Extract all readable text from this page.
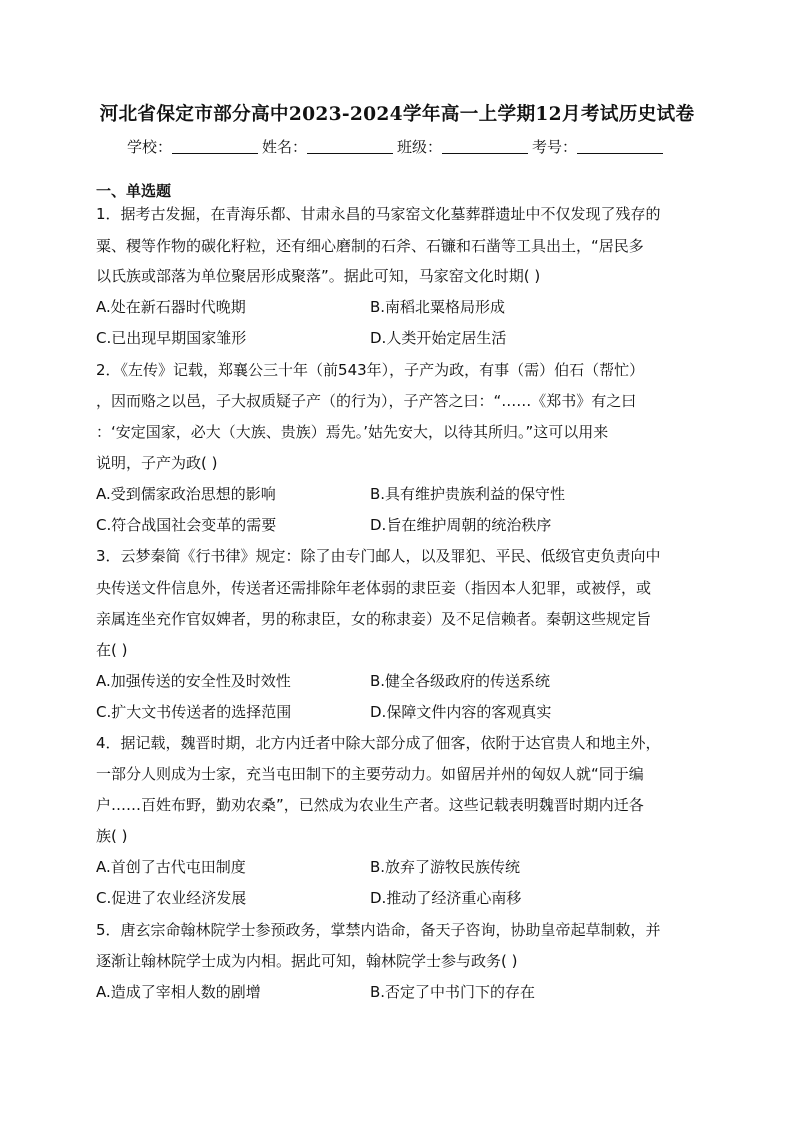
河北省保定市部分高中2023-2024学年高一上学期12月考试历史试卷
学校：	姓名：	班级：	考号：
一、单选题
1．据考古发掘，在青海乐都、甘肃永昌的马家窑文化墓葬群遗址中不仅发现了残存的
粟、稷等作物的碳化籽粒，还有细心磨制的石斧、石镰和石凿等工具出土，“居民多
以氏族或部落为单位聚居形成聚落”。据此可知，马家窑文化时期( )
A.处在新石器时代晚期	B.南稻北粟格局形成
C.已出现早期国家雏形	D.人类开始定居生活
2．《左传》记载，郑襄公三十年（前543年），子产为政，有事（需）伯石（帮忙）
，因而赂之以邑，子大叔质疑子产（的行为），子产答之曰：“……《郑书》有之曰
：‘安定国家，必大（大族、贵族）焉先。’姑先安大，以待其所归。”这可以用来
说明，子产为政( )
A.受到儒家政治思想的影响	B.具有维护贵族利益的保守性
C.符合战国社会变革的需要	D.旨在维护周朝的统治秩序
3．云梦秦简《行书律》规定：除了由专门邮人，以及罪犯、平民、低级官吏负责向中
央传送文件信息外，传送者还需排除年老体弱的隶臣妾（指因本人犯罪，或被俘，或
亲属连坐充作官奴婢者，男的称隶臣，女的称隶妾）及不足信赖者。秦朝这些规定旨
在( )
A.加强传送的安全性及时效性	B.健全各级政府的传送系统
C.扩大文书传送者的选择范围	D.保障文件内容的客观真实
4．据记载，魏晋时期，北方内迁者中除大部分成了佃客，依附于达官贵人和地主外，
一部分人则成为士家，充当屯田制下的主要劳动力。如留居并州的匈奴人就“同于编
户……百姓布野，勤劝农桑”，已然成为农业生产者。这些记载表明魏晋时期内迁各
族( )
A.首创了古代屯田制度	B.放弃了游牧民族传统
C.促进了农业经济发展	D.推动了经济重心南移
5．唐玄宗命翰林院学士参预政务，掌禁内诰命，备天子咨询，协助皇帝起草制敕，并
逐渐让翰林院学士成为内相。据此可知，翰林院学士参与政务( )
A.造成了宰相人数的剧增	B.否定了中书门下的存在
